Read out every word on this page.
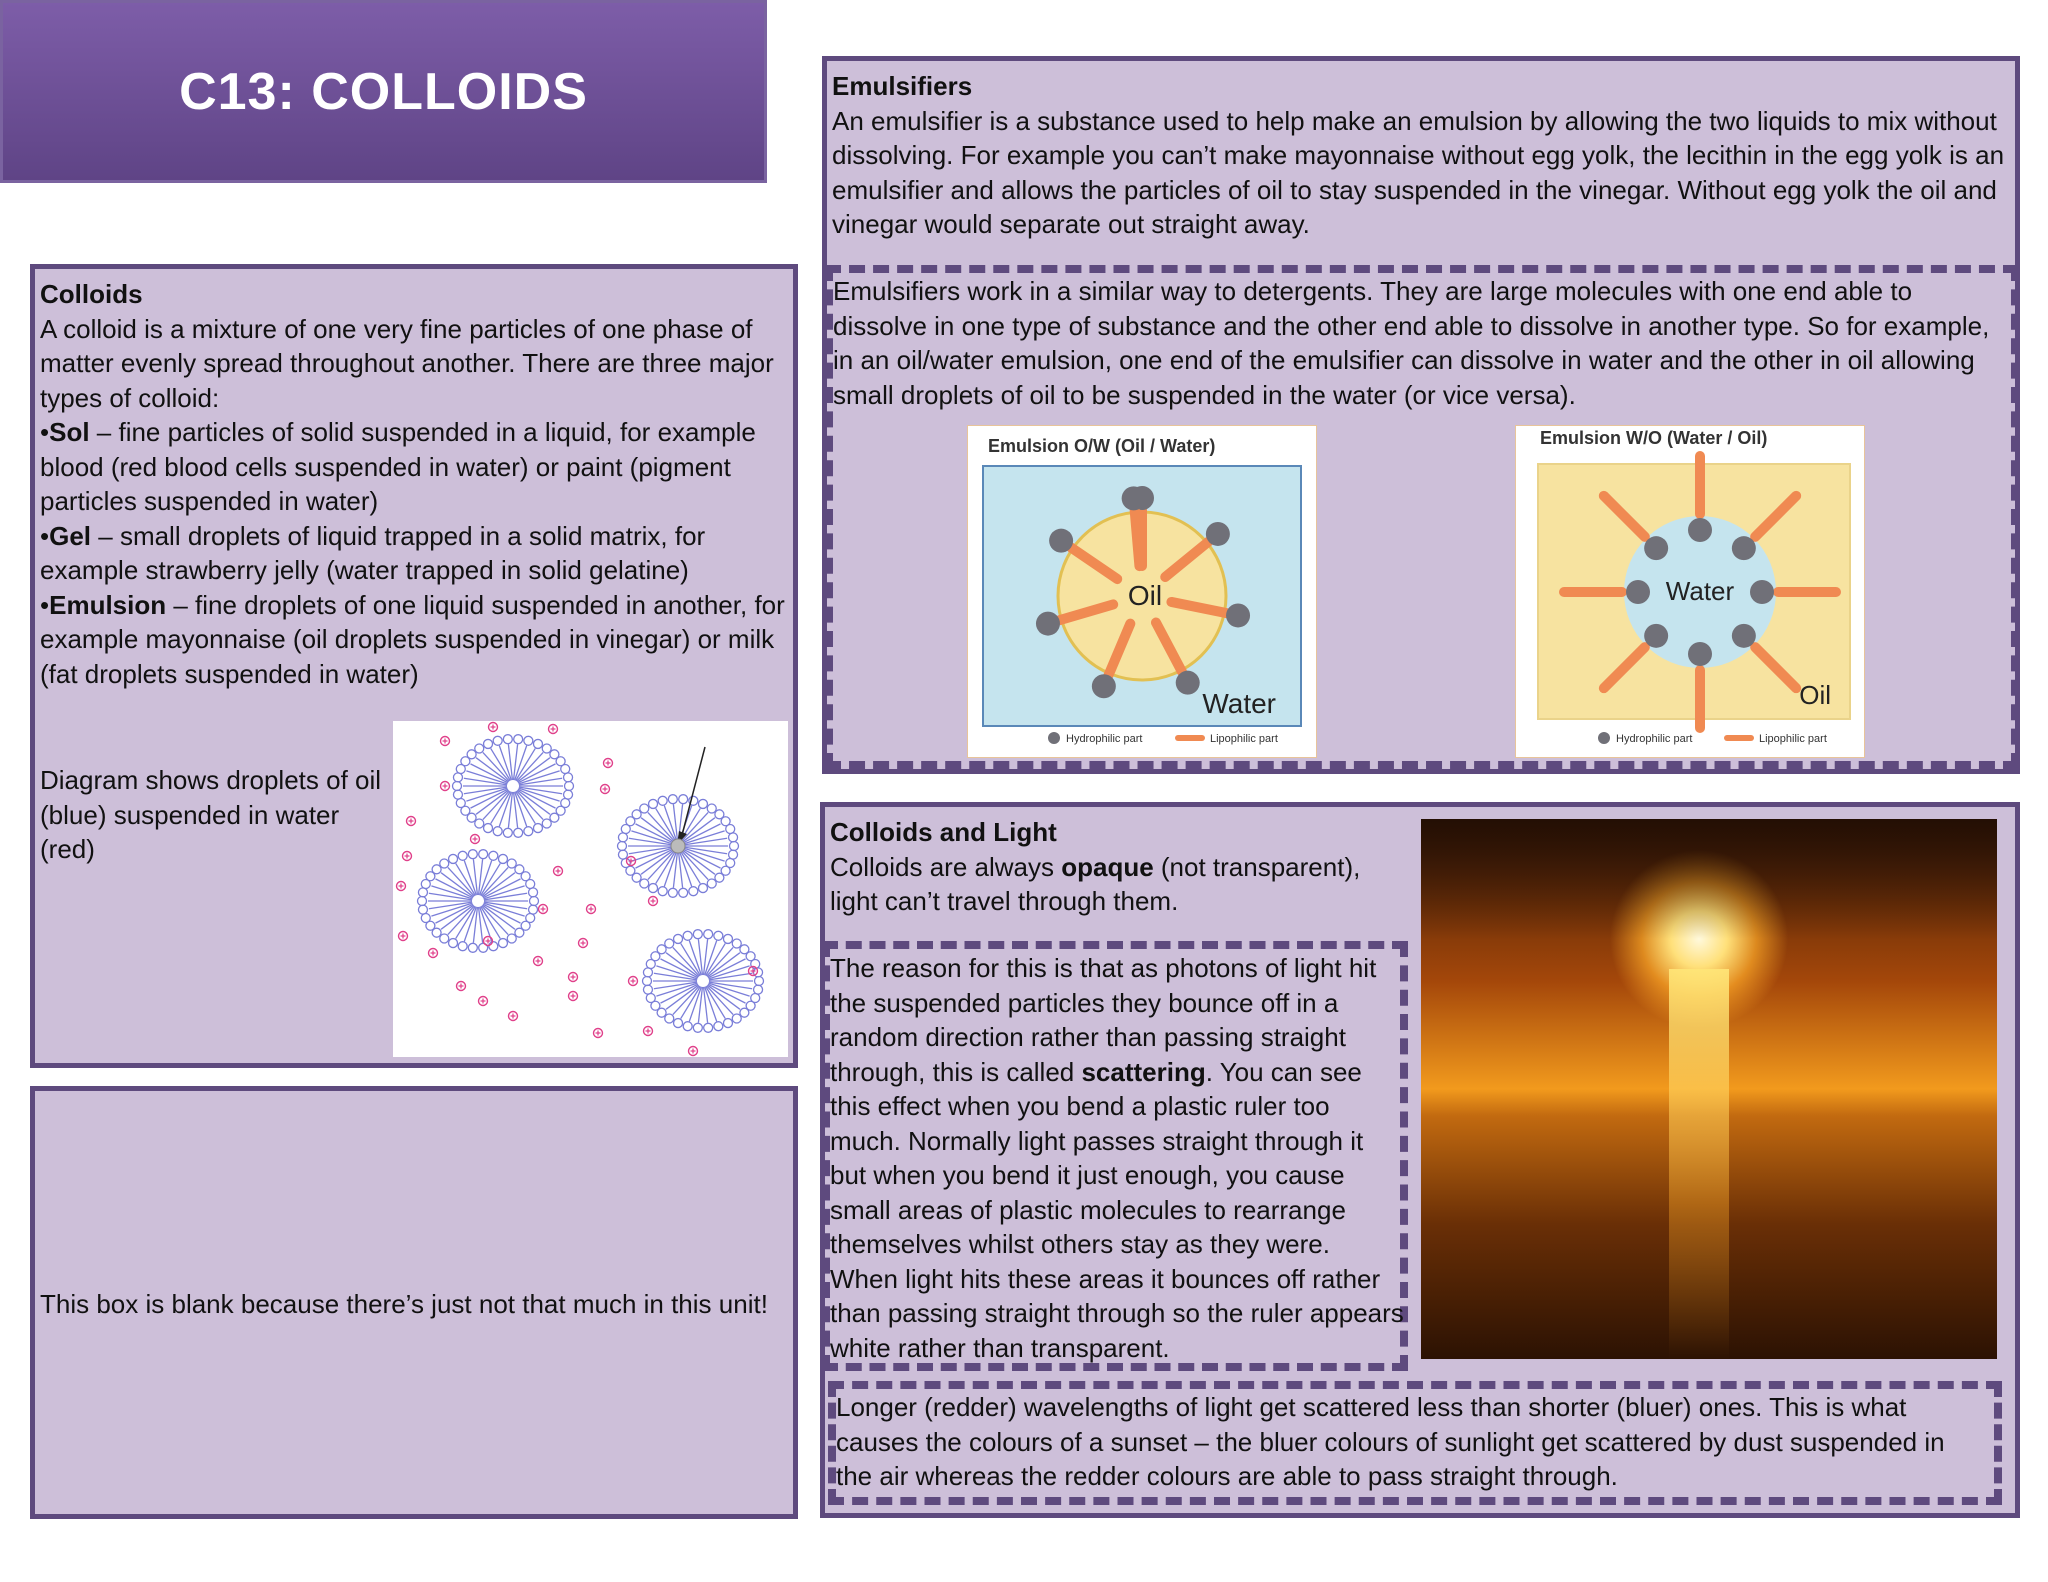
C13: COLLOIDS
Colloids
A colloid is a mixture of one very fine particles of one phase of matter evenly spread throughout another. There are three major types of colloid:
•Sol – fine particles of solid suspended in a liquid, for example blood (red blood cells suspended in water) or paint (pigment particles suspended in water)
•Gel – small droplets of liquid trapped in a solid matrix, for example strawberry jelly (water trapped in solid gelatine)
•Emulsion – fine droplets of one liquid suspended in another, for example mayonnaise (oil droplets suspended in vinegar) or milk (fat droplets suspended in water)
Diagram shows droplets of oil (blue) suspended in water (red)
This box is blank because there’s just not that much in this unit!
Emulsifiers
An emulsifier is a substance used to help make an emulsion by allowing the two liquids to mix without dissolving. For example you can’t make mayonnaise without egg yolk, the lecithin in the egg yolk is an emulsifier and allows the particles of oil to stay suspended in the vinegar. Without egg yolk the oil and vinegar would separate out straight away.
Emulsifiers work in a similar way to detergents. They are large molecules with one end able to dissolve in one type of substance and the other end able to dissolve in another type. So for example, in an oil/water emulsion, one end of the emulsifier can dissolve in water and the other in oil allowing small droplets of oil to be suspended in the water (or vice versa).
Emulsion O/W (Oil / Water)
Oil
Water
Hydrophilic part	Lipophilic part
Emulsion W/O (Water / Oil)
Water
Oil
Hydrophilic part	Lipophilic part
Colloids and Light
Colloids are always opaque (not transparent), light can’t travel through them.
The reason for this is that as photons of light hit the suspended particles they bounce off in a random direction rather than passing straight through, this is called scattering. You can see this effect when you bend a plastic ruler too much. Normally light passes straight through it but when you bend it just enough, you cause small areas of plastic molecules to rearrange themselves whilst others stay as they were. When light hits these areas it bounces off rather than passing straight through so the ruler appears white rather than transparent.
Longer (redder) wavelengths of light get scattered less than shorter (bluer) ones. This is what causes the colours of a sunset – the bluer colours of sunlight get scattered by dust suspended in the air whereas the redder colours are able to pass straight through.
